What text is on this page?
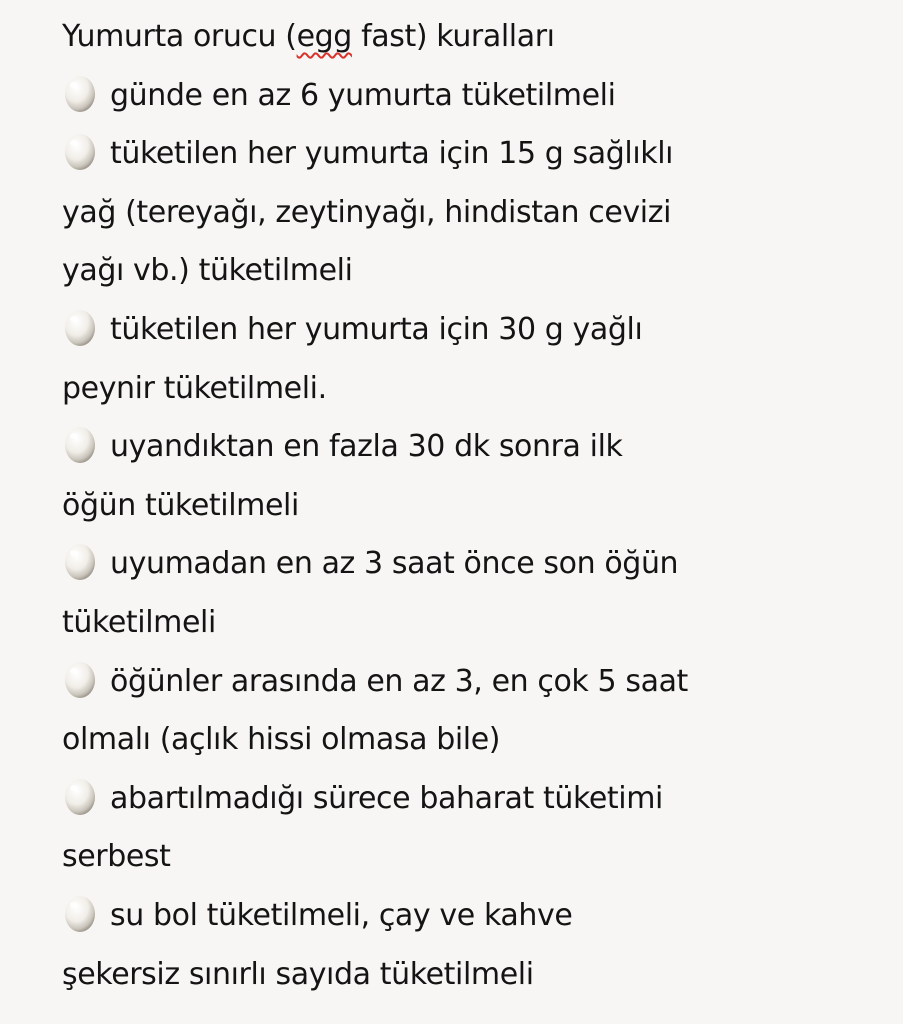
Yumurta orucu (egg fast) kuralları
günde en az 6 yumurta tüketilmeli
tüketilen her yumurta için 15 g sağlıklı
yağ (tereyağı, zeytinyağı, hindistan cevizi
yağı vb.) tüketilmeli
tüketilen her yumurta için 30 g yağlı
peynir tüketilmeli.
uyandıktan en fazla 30 dk sonra ilk
öğün tüketilmeli
uyumadan en az 3 saat önce son öğün
tüketilmeli
öğünler arasında en az 3, en çok 5 saat
olmalı (açlık hissi olmasa bile)
abartılmadığı sürece baharat tüketimi
serbest
su bol tüketilmeli, çay ve kahve
şekersiz sınırlı sayıda tüketilmeli
